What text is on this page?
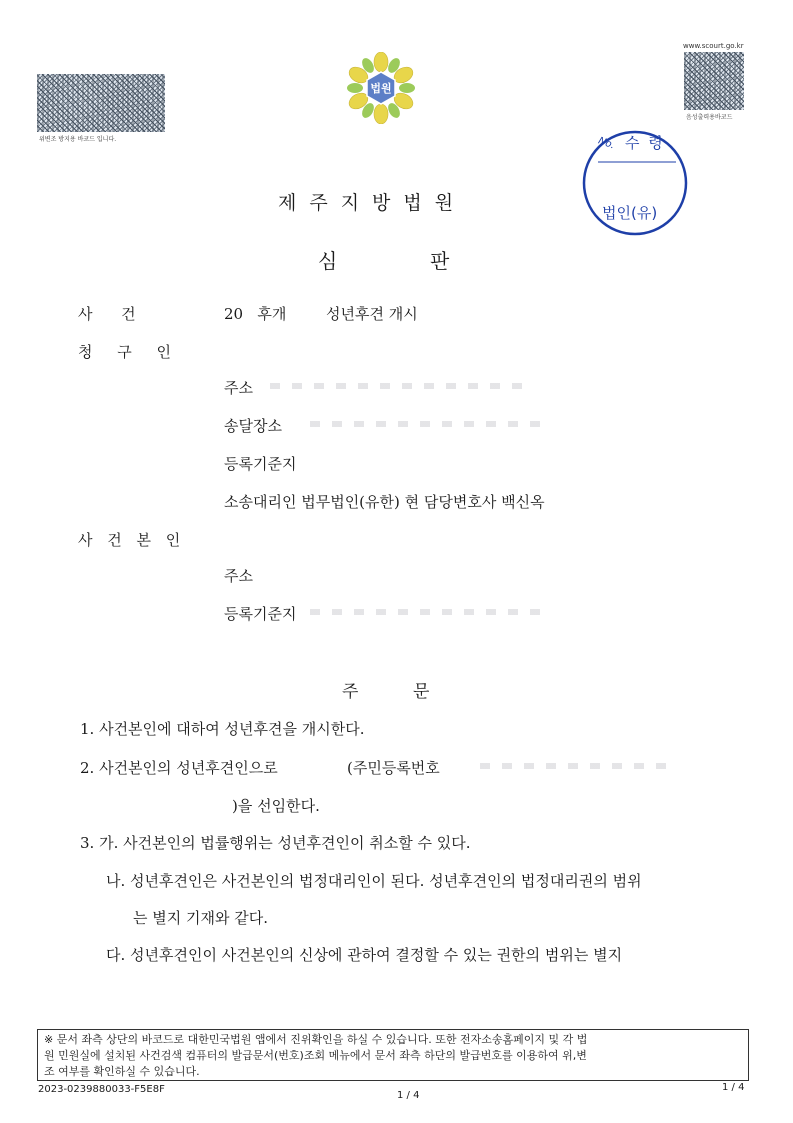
위변조 방지용 바코드 입니다.
법원
www.scourt.go.kr
음성출력용바코드
No. 수 령
법인(유)
제주지방법원
심	판
사      건	20   후개	성년후견 개시
청 구 인
주소
송달장소
등록기준지
소송대리인 법무법인(유한) 현 담당변호사 백신옥
사 건 본 인
주소
등록기준지
주	문
1. 사건본인에 대하여 성년후견을 개시한다.
2. 사건본인의 성년후견인으로	(주민등록번호
)을 선임한다.
3. 가. 사건본인의 법률행위는 성년후견인이 취소할 수 있다.
나. 성년후견인은 사건본인의 법정대리인이 된다. 성년후견인의 법정대리권의 범위
는 별지 기재와 같다.
다. 성년후견인이 사건본인의 신상에 관하여 결정할 수 있는 권한의 범위는 별지
※ 문서 좌측 상단의 바코드로 대한민국법원 앱에서 진위확인을 하실 수 있습니다. 또한 전자소송홈페이지 및 각 법
원 민원실에 설치된 사건검색 컴퓨터의 발급문서(번호)조회 메뉴에서 문서 좌측 하단의 발급번호를 이용하여 위,변
조 여부를 확인하실 수 있습니다.
2023-0239880033-F5E8F
1 / 4
1 / 4
